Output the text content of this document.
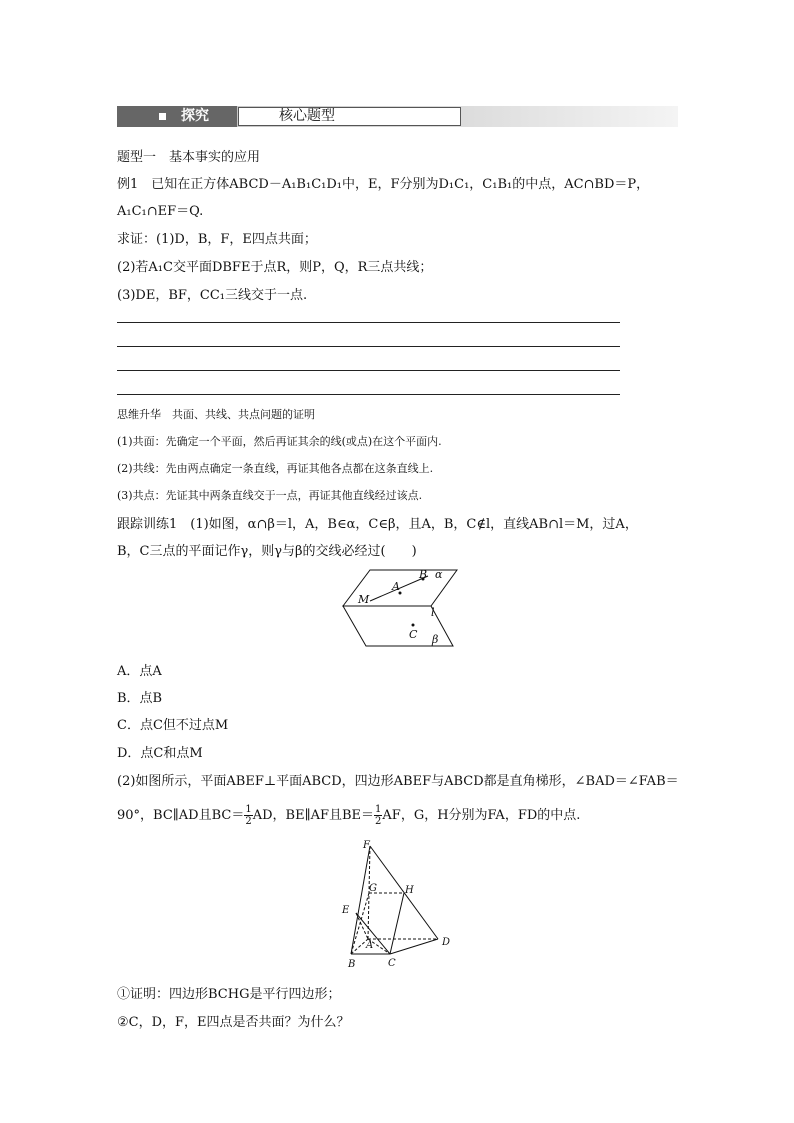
探究	核心题型
题型一　基本事实的应用
例1　已知在正方体ABCD－A₁B₁C₁D₁中，E，F分别为D₁C₁，C₁B₁的中点，AC∩BD＝P，
A₁C₁∩EF＝Q.
求证：(1)D，B，F，E四点共面；
(2)若A₁C交平面DBFE于点R，则P，Q，R三点共线；
(3)DE，BF，CC₁三线交于一点.
思维升华　共面、共线、共点问题的证明
(1)共面：先确定一个平面，然后再证其余的线(或点)在这个平面内.
(2)共线：先由两点确定一条直线，再证其他各点都在这条直线上.
(3)共点：先证其中两条直线交于一点，再证其他直线经过该点.
跟踪训练1　(1)如图，α∩β＝l，A，B∈α，C∈β，且A，B，C∉l，直线AB∩l＝M，过A，
B，C三点的平面记作γ，则γ与β的交线必经过(　　)
A
B α
M
l
C β
A．点A
B．点B
C．点C但不过点M
D．点C和点M
(2)如图所示，平面ABEF⊥平面ABCD，四边形ABEF与ABCD都是直角梯形，∠BAD＝∠FAB＝
90°，BC∥AD且$BC= \frac{1}{2}$ AD，BE∥AF且$BE= \frac{1}{2}$ AF，G，H分别为FA，FD的中点.
F
G	H
E
A	D
B	C
①证明：四边形BCHG是平行四边形；
②C，D，F，E四点是否共面？为什么？
